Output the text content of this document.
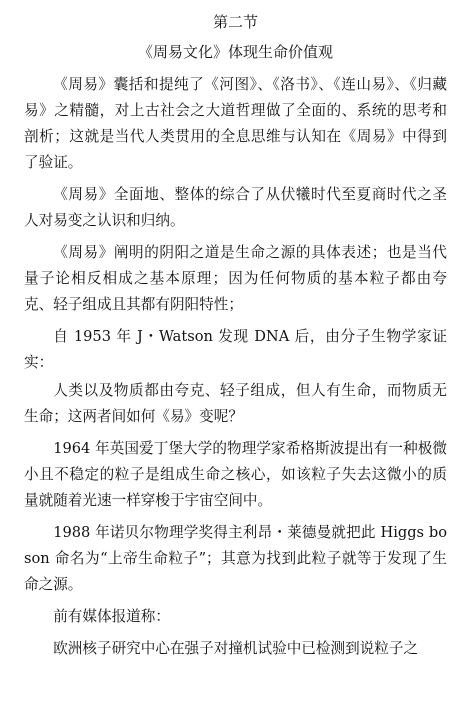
第二节
《周易文化》体现生命价值观

《周易》囊括和提纯了《河图》、《洛书》、《连山易》、《归藏易》之精髓，对上古社会之大道哲理做了全面的、系统的思考和剖析；这就是当代人类贯用的全息思维与认知在《周易》中得到了验证。

《周易》全面地、整体的综合了从伏犧时代至夏商时代之圣人对易变之认识和归纳。

《周易》阐明的阴阳之道是生命之源的具体表述；也是当代量子论相反相成之基本原理；因为任何物质的基本粒子都由夸克、轻子组成且其都有阴阳特性；

自 1953 年 J・Watson 发现 DNA 后，由分子生物学家证实：

人类以及物质都由夸克、轻子组成，但人有生命，而物质无生命；这两者间如何《易》变呢？

1964 年英国爱丁堡大学的物理学家希格斯波提出有一种极微小且不稳定的粒子是组成生命之核心，如该粒子失去这微小的质量就随着光速一样穿梭于宇宙空间中。

1988 年诺贝尔物理学奖得主利昂・莱德曼就把此 Higgs boson 命名为“上帝生命粒子”；其意为找到此粒子就等于发现了生命之源。

前有媒体报道称：

欧洲核子研究中心在强子对撞机试验中已检测到说粒子之
